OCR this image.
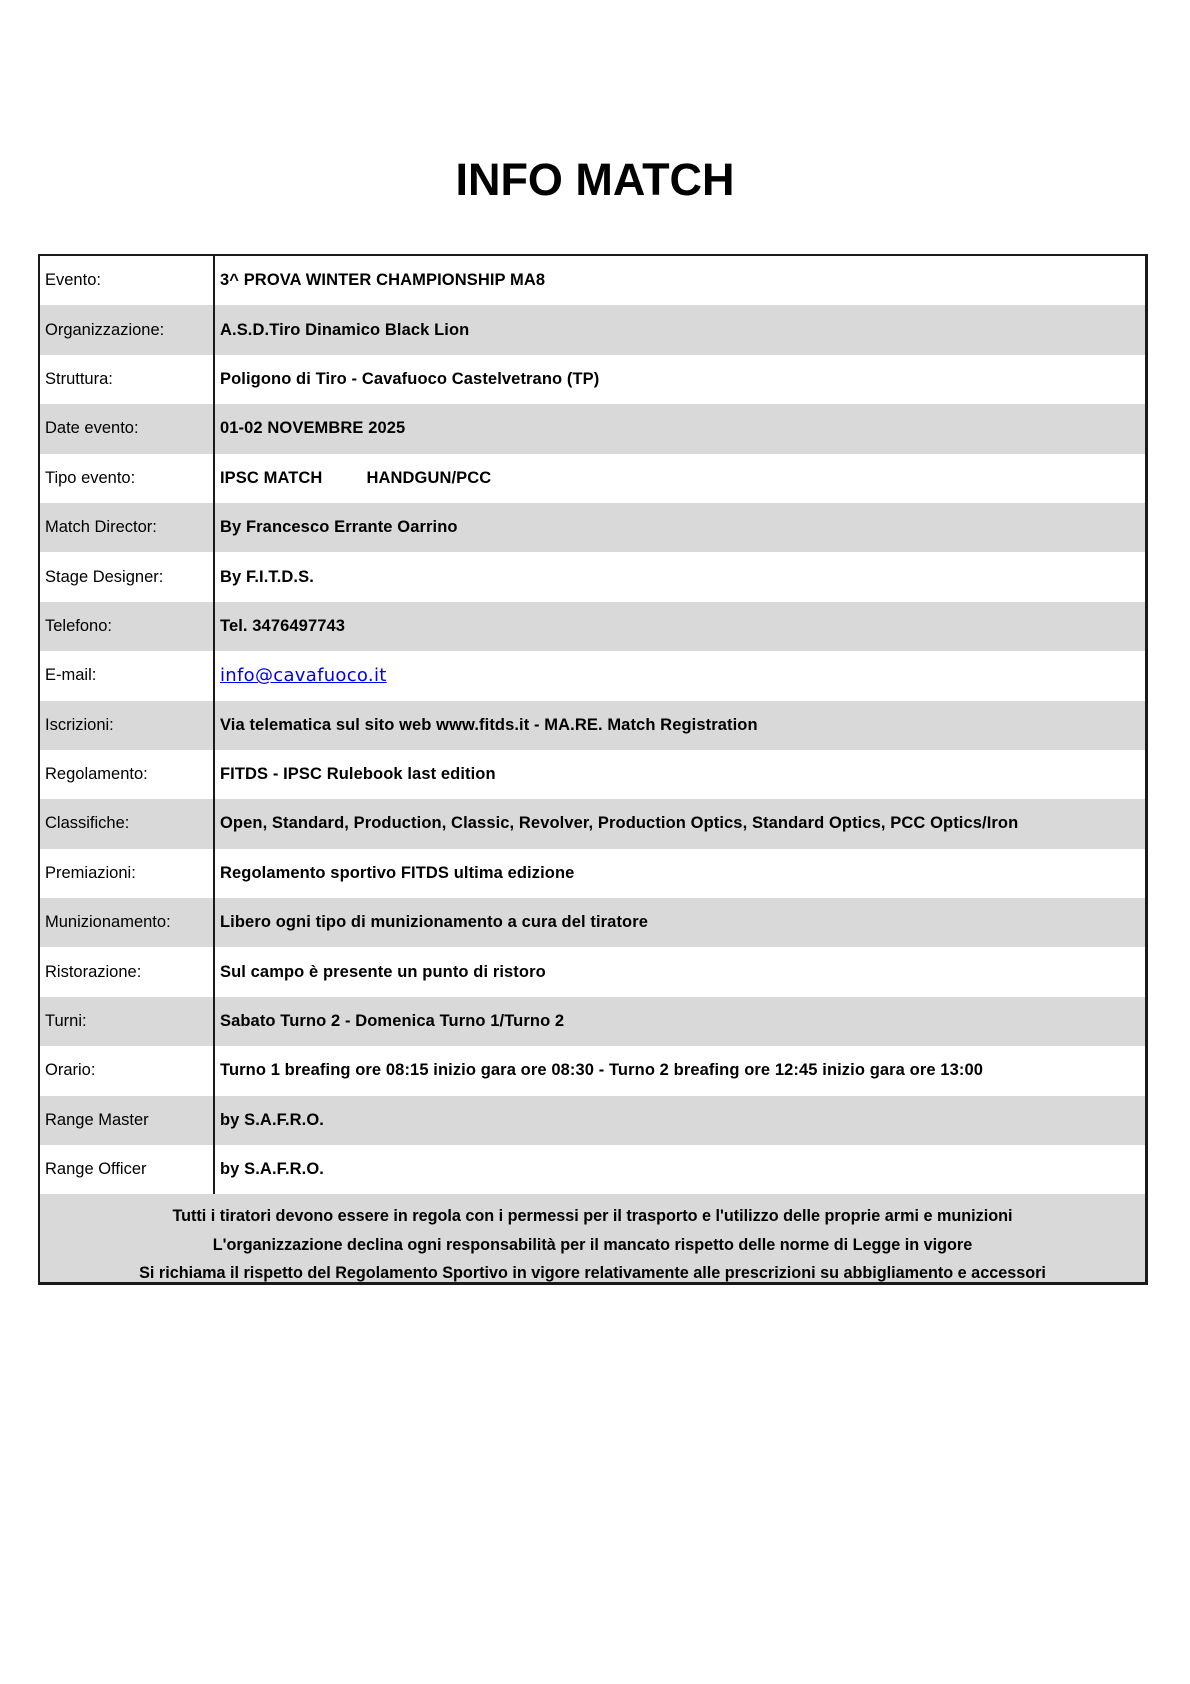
INFO MATCH
Evento:	3^ PROVA WINTER CHAMPIONSHIP MA8
Organizzazione:	A.S.D.Tiro Dinamico Black Lion
Struttura:	Poligono di Tiro - Cavafuoco Castelvetrano (TP)
Date evento:	01-02 NOVEMBRE 2025
Tipo evento:	IPSC MATCH	HANDGUN/PCC
Match Director:	By Francesco Errante Oarrino
Stage Designer:	By F.I.T.D.S.
Telefono:	Tel. 3476497743
E-mail:	info@cavafuoco.it
Iscrizioni:	Via telematica sul sito web www.fitds.it - MA.RE. Match Registration
Regolamento:	FITDS - IPSC Rulebook last edition
Classifiche:	Open, Standard, Production, Classic, Revolver, Production Optics, Standard Optics, PCC Optics/Iron
Premiazioni:	Regolamento sportivo FITDS ultima edizione
Munizionamento:	Libero ogni tipo di munizionamento a cura del tiratore
Ristorazione:	Sul campo è presente un punto di ristoro
Turni:	Sabato Turno 2 - Domenica Turno 1/Turno 2
Orario:	Turno 1 breafing ore 08:15 inizio gara ore 08:30 - Turno 2 breafing ore 12:45 inizio gara ore 13:00
Range Master	by S.A.F.R.O.
Range Officer	by S.A.F.R.O.
Tutti i tiratori devono essere in regola con i permessi per il trasporto e l'utilizzo delle proprie armi e munizioni
L'organizzazione declina ogni responsabilità per il mancato rispetto delle norme di Legge in vigore
Si richiama il rispetto del Regolamento Sportivo in vigore relativamente alle prescrizioni su abbigliamento e accessori
